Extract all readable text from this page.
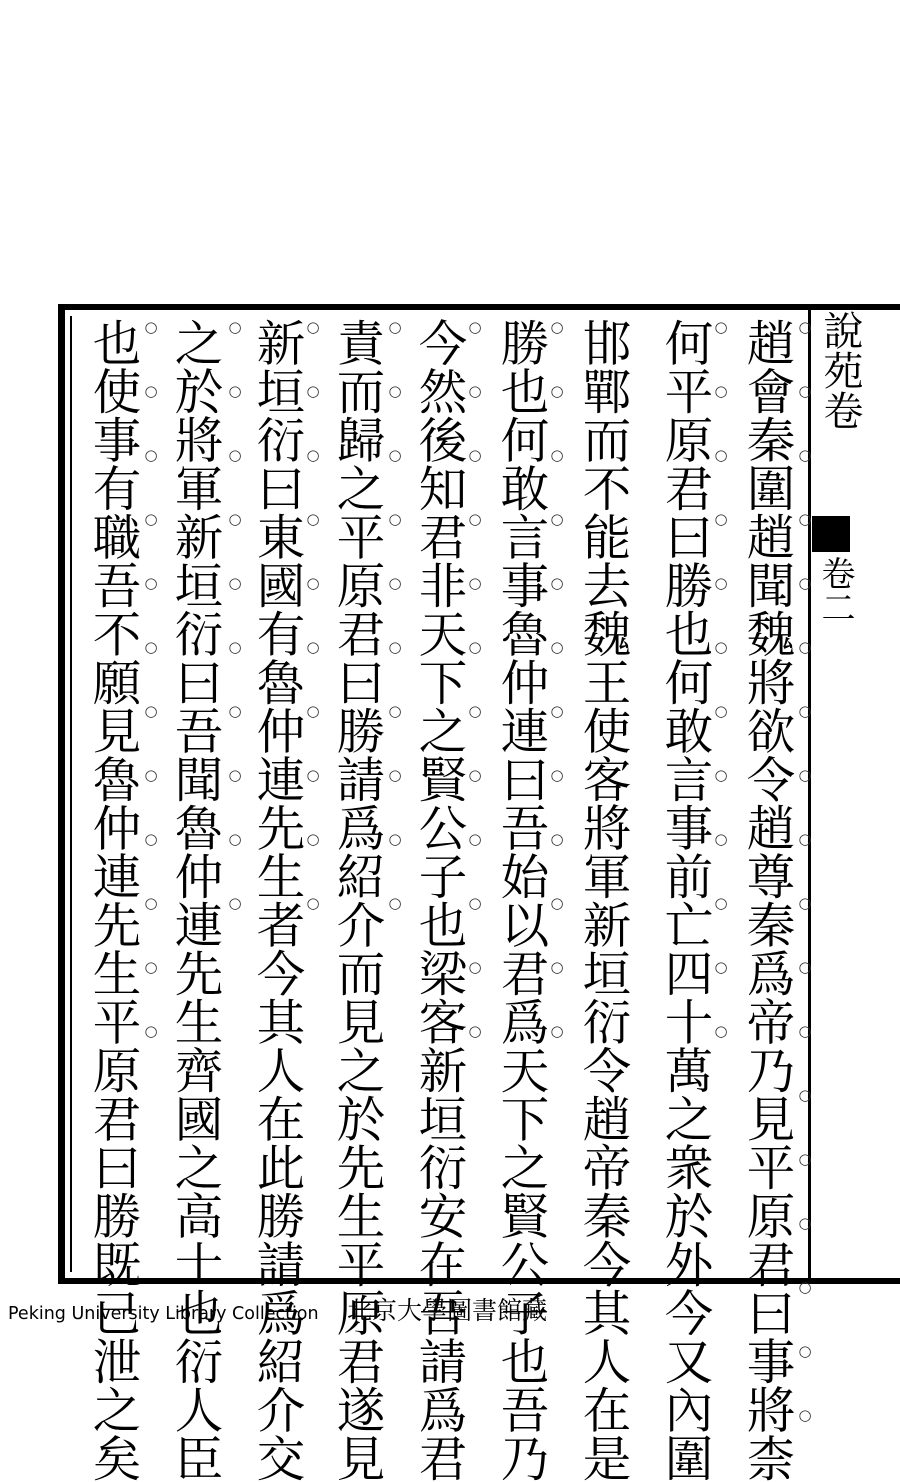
說苑卷
卷二
○○○○○○○○○○○○○○○○○○
○○○○○○○○○○○○
○○○○○○○○○○○○
○○○○○○○○○○○○
○○○○○○○○○○
○○○○○○○○○○
○○○○○○○○○○
○○○○○○○○○○○○	趙會秦圍趙聞魏將欲令趙尊秦爲帝乃見平原君曰事將柰
何平原君曰勝也何敢言事前亡四十萬之衆於外今又內圍
邯鄲而不能去魏王使客將軍新垣衍令趙帝秦今其人在是
勝也何敢言事魯仲連曰吾始以君爲天下之賢公子也吾乃
今然後知君非天下之賢公子也梁客新垣衍安在吾請爲君
責而歸之平原君曰勝請爲紹介而見之於先生平原君遂見
新垣衍曰東國有魯仲連先生者今其人在此勝請爲紹介交
之於將軍新垣衍曰吾聞魯仲連先生齊國之高士也衍人臣
也使事有職吾不願見魯仲連先生平原君曰勝既已泄之矣
Peking University Library Collection 北京大學圖書館藏
